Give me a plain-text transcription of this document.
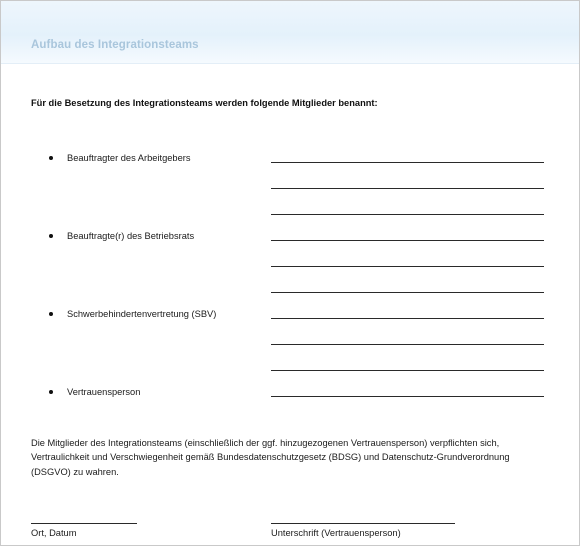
Aufbau des Integrationsteams
Für die Besetzung des Integrationsteams werden folgende Mitglieder benannt:
Beauftragter des Arbeitgebers
Beauftragte(r) des Betriebsrats
Schwerbehindertenvertretung (SBV)
Vertrauensperson
Die Mitglieder des Integrationsteams (einschließlich der ggf. hinzugezogenen Vertrauensperson) verpflichten sich, Vertraulichkeit und Verschwiegenheit gemäß Bundesdatenschutzgesetz (BDSG) und Datenschutz-Grundverordnung (DSGVO) zu wahren.
Ort, Datum	Unterschrift (Vertrauensperson)
